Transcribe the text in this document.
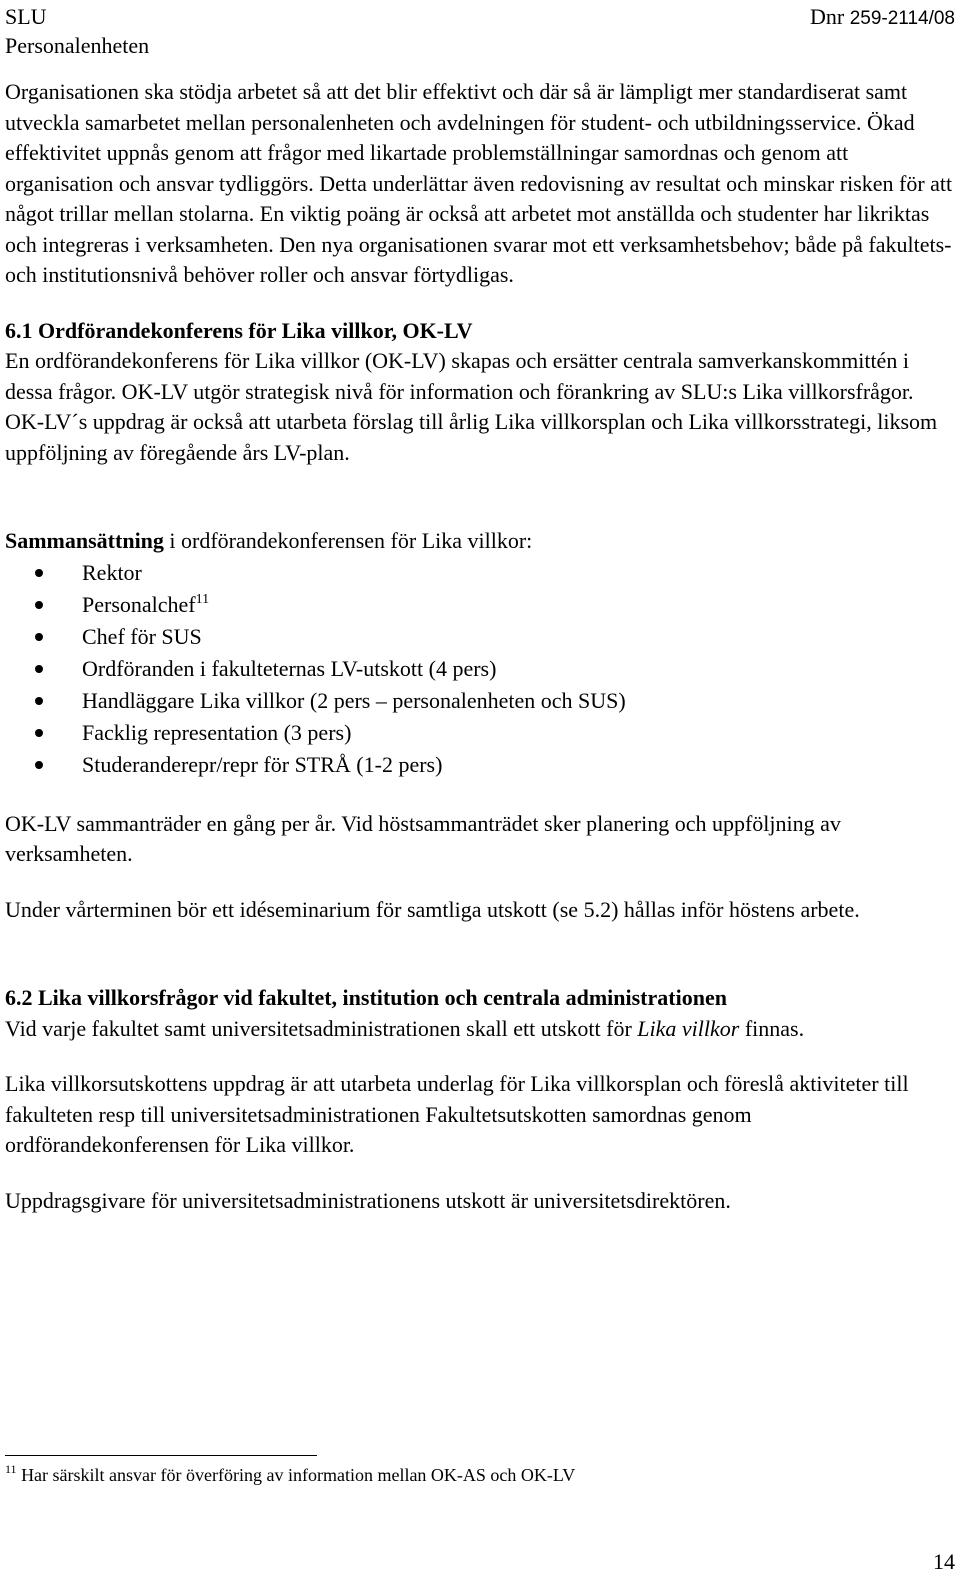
SLU
Personalenheten
Dnr 259-2114/08

Organisationen ska stödja arbetet så att det blir effektivt och där så är lämpligt mer standardiserat samt utveckla samarbetet mellan personalenheten och avdelningen för student- och utbildningsservice. Ökad effektivitet uppnås genom att frågor med likartade problemställningar samordnas och genom att organisation och ansvar tydliggörs. Detta underlättar även redovisning av resultat och minskar risken för att något trillar mellan stolarna. En viktig poäng är också att arbetet mot anställda och studenter har likriktas och integreras i verksamheten. Den nya organisationen svarar mot ett verksamhetsbehov; både på fakultets- och institutionsnivå behöver roller och ansvar förtydligas.

6.1 Ordförandekonferens för Lika villkor, OK-LV

En ordförandekonferens för Lika villkor (OK-LV) skapas och ersätter centrala samverkanskommittén i dessa frågor. OK-LV utgör strategisk nivå för information och förankring av SLU:s Lika villkorsfrågor. OK-LV´s uppdrag är också att utarbeta förslag till årlig Lika villkorsplan och Lika villkorsstrategi, liksom uppföljning av föregående års LV-plan.

Sammansättning i ordförandekonferensen för Lika villkor:

Rektor
Personalchef$^{11}$
Chef för SUS
Ordföranden i fakulteternas LV-utskott (4 pers)
Handläggare Lika villkor (2 pers – personalenheten och SUS)
Facklig representation (3 pers)
Studeranderepr/repr för STRÅ (1-2 pers)

OK-LV sammanträder en gång per år. Vid höstsammanträdet sker planering och uppföljning av verksamheten.

Under vårterminen bör ett idéseminarium för samtliga utskott (se 5.2) hållas inför höstens arbete.

6.2 Lika villkorsfrågor vid fakultet, institution och centrala administrationen

Vid varje fakultet samt universitetsadministrationen skall ett utskott för Lika villkor finnas.

Lika villkorsutskottens uppdrag är att utarbeta underlag för Lika villkorsplan och föreslå aktiviteter till fakulteten resp till universitetsadministrationen Fakultetsutskotten samordnas genom ordförandekonferensen för Lika villkor.

Uppdragsgivare för universitetsadministrationens utskott är universitetsdirektören.

$^{11}$ Har särskilt ansvar för överföring av information mellan OK-AS och OK-LV
14
